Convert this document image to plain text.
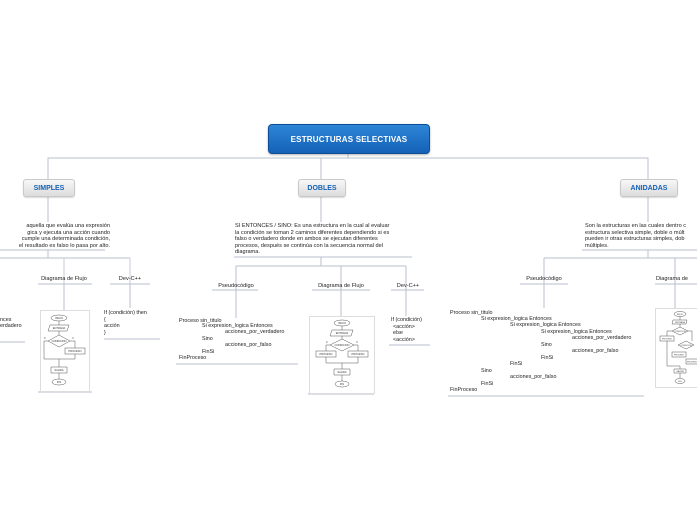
ESTRUCTURAS SELECTIVAS
SIMPLES	DOBLES	ANIDADAS
aquella que evalúa una expresión
gica y ejecuta una acción cuando
cumple una determinada condición,
el resultado es falso lo pasa por alto.
Diagrama de Flujo	Dev-C++

nces

erdadero

If (condición) then

{

acción

}

INICIO
ENTRADA
CONDICION
PROCESO
SALIDA
FIN
V
F
SI ENTONCES / SINO: Es una estructura en la cual al evaluar
la condición se toman 2 caminos diferentes dependiendo si es
falso o verdadero donde en ambos se ejecutan diferentes
procesos, después se continúa con la secuencia normal del
diagrama.
Pseudocódigo	Diagrama de Flujo	Dev-C++

Proceso sin_titulo

Si expresion_logica Entonces

acciones_por_verdadero

Sino

acciones_por_falso

FinSi

FinProceso

INICIO
ENTRADA
CONDICION
PROCESO	PROCESO
SALIDA
FIN
V
F

If (condición)

<acción>

else

<acción>

Son la estructuras en las cuales dentro c
estructura selectiva simple, doble o múlt
pueden ir otras estructuras simples, dob
múltiples.
Pseudocódigo	Diagrama de

Proceso sin_titulo

Si expresion_logica Entonces

Si expresion_logica Entonces

Si expresion_logica Entonces

acciones_por_verdadero

Sino

acciones_por_falso

FinSi

FinSi

acciones_por_falso

Sino

FinSi

FinProceso

INICIO
ENTRADA
CONDICION
PROCESO
CONDICION
PROCESO
PROCESO
SALIDA
FIN
